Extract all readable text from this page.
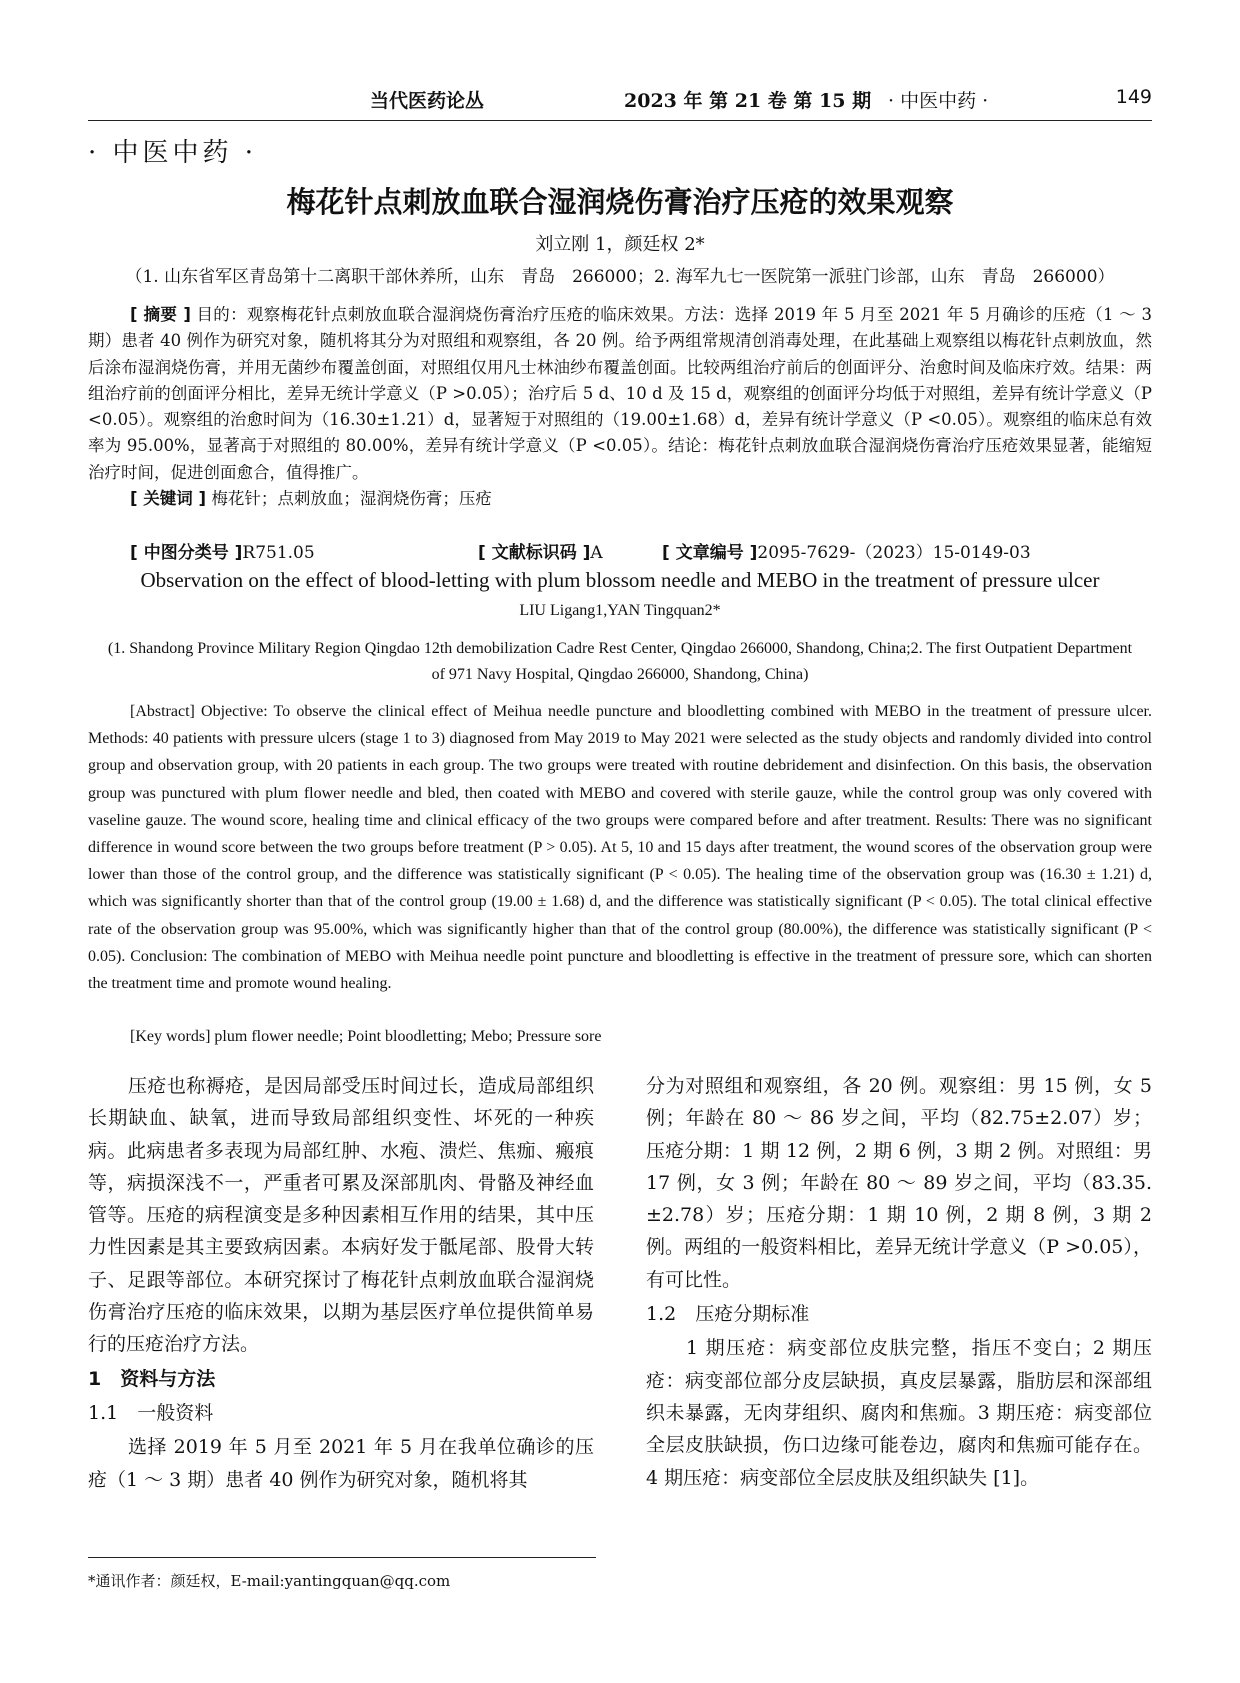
当代医药论丛	2023 年 第 21 卷 第 15 期 · 中医中药 ·	149
· 中医中药 ·
梅花针点刺放血联合湿润烧伤膏治疗压疮的效果观察
刘立刚 1，颜廷权 2*
（1. 山东省军区青岛第十二离职干部休养所，山东　青岛　266000；2. 海军九七一医院第一派驻门诊部，山东　青岛　266000）

[ 摘要 ] 目的：观察梅花针点刺放血联合湿润烧伤膏治疗压疮的临床效果。方法：选择 2019 年 5 月至 2021 年 5 月确诊的压疮（1 ～ 3 期）患者 40 例作为研究对象，随机将其分为对照组和观察组，各 20 例。给予两组常规清创消毒处理，在此基础上观察组以梅花针点刺放血，然后涂布湿润烧伤膏，并用无菌纱布覆盖创面，对照组仅用凡士林油纱布覆盖创面。比较两组治疗前后的创面评分、治愈时间及临床疗效。结果：两组治疗前的创面评分相比，差异无统计学意义（P >0.05）；治疗后 5 d、10 d 及 15 d，观察组的创面评分均低于对照组，差异有统计学意义（P <0.05）。观察组的治愈时间为（16.30±1.21）d，显著短于对照组的（19.00±1.68）d，差异有统计学意义（P <0.05）。观察组的临床总有效率为 95.00%，显著高于对照组的 80.00%，差异有统计学意义（P <0.05）。结论：梅花针点刺放血联合湿润烧伤膏治疗压疮效果显著，能缩短治疗时间，促进创面愈合，值得推广。

[ 关键词 ] 梅花针；点刺放血；湿润烧伤膏；压疮

[ 中图分类号 ]R751.05	[ 文献标识码 ]A	[ 文章编号 ]2095-7629-（2023）15-0149-03
Observation on the effect of blood-letting with plum blossom needle and MEBO in the treatment of pressure ulcer
LIU Ligang1,YAN Tingquan2*
(1. Shandong Province Military Region Qingdao 12th demobilization Cadre Rest Center, Qingdao 266000, Shandong, China;2. The first Outpatient Department of 971 Navy Hospital, Qingdao 266000, Shandong, China)

[Abstract] Objective: To observe the clinical effect of Meihua needle puncture and bloodletting combined with MEBO in the treatment of pressure ulcer. Methods: 40 patients with pressure ulcers (stage 1 to 3) diagnosed from May 2019 to May 2021 were selected as the study objects and randomly divided into control group and observation group, with 20 patients in each group. The two groups were treated with routine debridement and disinfection. On this basis, the observation group was punctured with plum flower needle and bled, then coated with MEBO and covered with sterile gauze, while the control group was only covered with vaseline gauze. The wound score, healing time and clinical efficacy of the two groups were compared before and after treatment. Results: There was no significant difference in wound score between the two groups before treatment (P > 0.05). At 5, 10 and 15 days after treatment, the wound scores of the observation group were lower than those of the control group, and the difference was statistically significant (P < 0.05). The healing time of the observation group was (16.30 ± 1.21) d, which was significantly shorter than that of the control group (19.00 ± 1.68) d, and the difference was statistically significant (P < 0.05). The total clinical effective rate of the observation group was 95.00%, which was significantly higher than that of the control group (80.00%), the difference was statistically significant (P < 0.05). Conclusion: The combination of MEBO with Meihua needle point puncture and bloodletting is effective in the treatment of pressure sore, which can shorten the treatment time and promote wound healing.

[Key words] plum flower needle; Point bloodletting; Mebo; Pressure sore

压疮也称褥疮，是因局部受压时间过长，造成局部组织长期缺血、缺氧，进而导致局部组织变性、坏死的一种疾病。此病患者多表现为局部红肿、水疱、溃烂、焦痂、瘢痕等，病损深浅不一，严重者可累及深部肌肉、骨骼及神经血管等。压疮的病程演变是多种因素相互作用的结果，其中压力性因素是其主要致病因素。本病好发于骶尾部、股骨大转子、足跟等部位。本研究探讨了梅花针点刺放血联合湿润烧伤膏治疗压疮的临床效果，以期为基层医疗单位提供简单易行的压疮治疗方法。

1　资料与方法

1.1　一般资料

选择 2019 年 5 月至 2021 年 5 月在我单位确诊的压疮（1 ～ 3 期）患者 40 例作为研究对象，随机将其

分为对照组和观察组，各 20 例。观察组：男 15 例，女 5 例；年龄在 80 ～ 86 岁之间，平均（82.75±2.07）岁；压疮分期：1 期 12 例，2 期 6 例，3 期 2 例。对照组：男 17 例，女 3 例；年龄在 80 ～ 89 岁之间，平均（83.35.±2.78）岁；压疮分期：1 期 10 例，2 期 8 例，3 期 2 例。两组的一般资料相比，差异无统计学意义（P >0.05），有可比性。

1.2　压疮分期标准

1 期压疮：病变部位皮肤完整，指压不变白；2 期压疮：病变部位部分皮层缺损，真皮层暴露，脂肪层和深部组织未暴露，无肉芽组织、腐肉和焦痂。3 期压疮：病变部位全层皮肤缺损，伤口边缘可能卷边，腐肉和焦痂可能存在。4 期压疮：病变部位全层皮肤及组织缺失 [1]。

*通讯作者：颜廷权，E-mail:yantingquan@qq.com
